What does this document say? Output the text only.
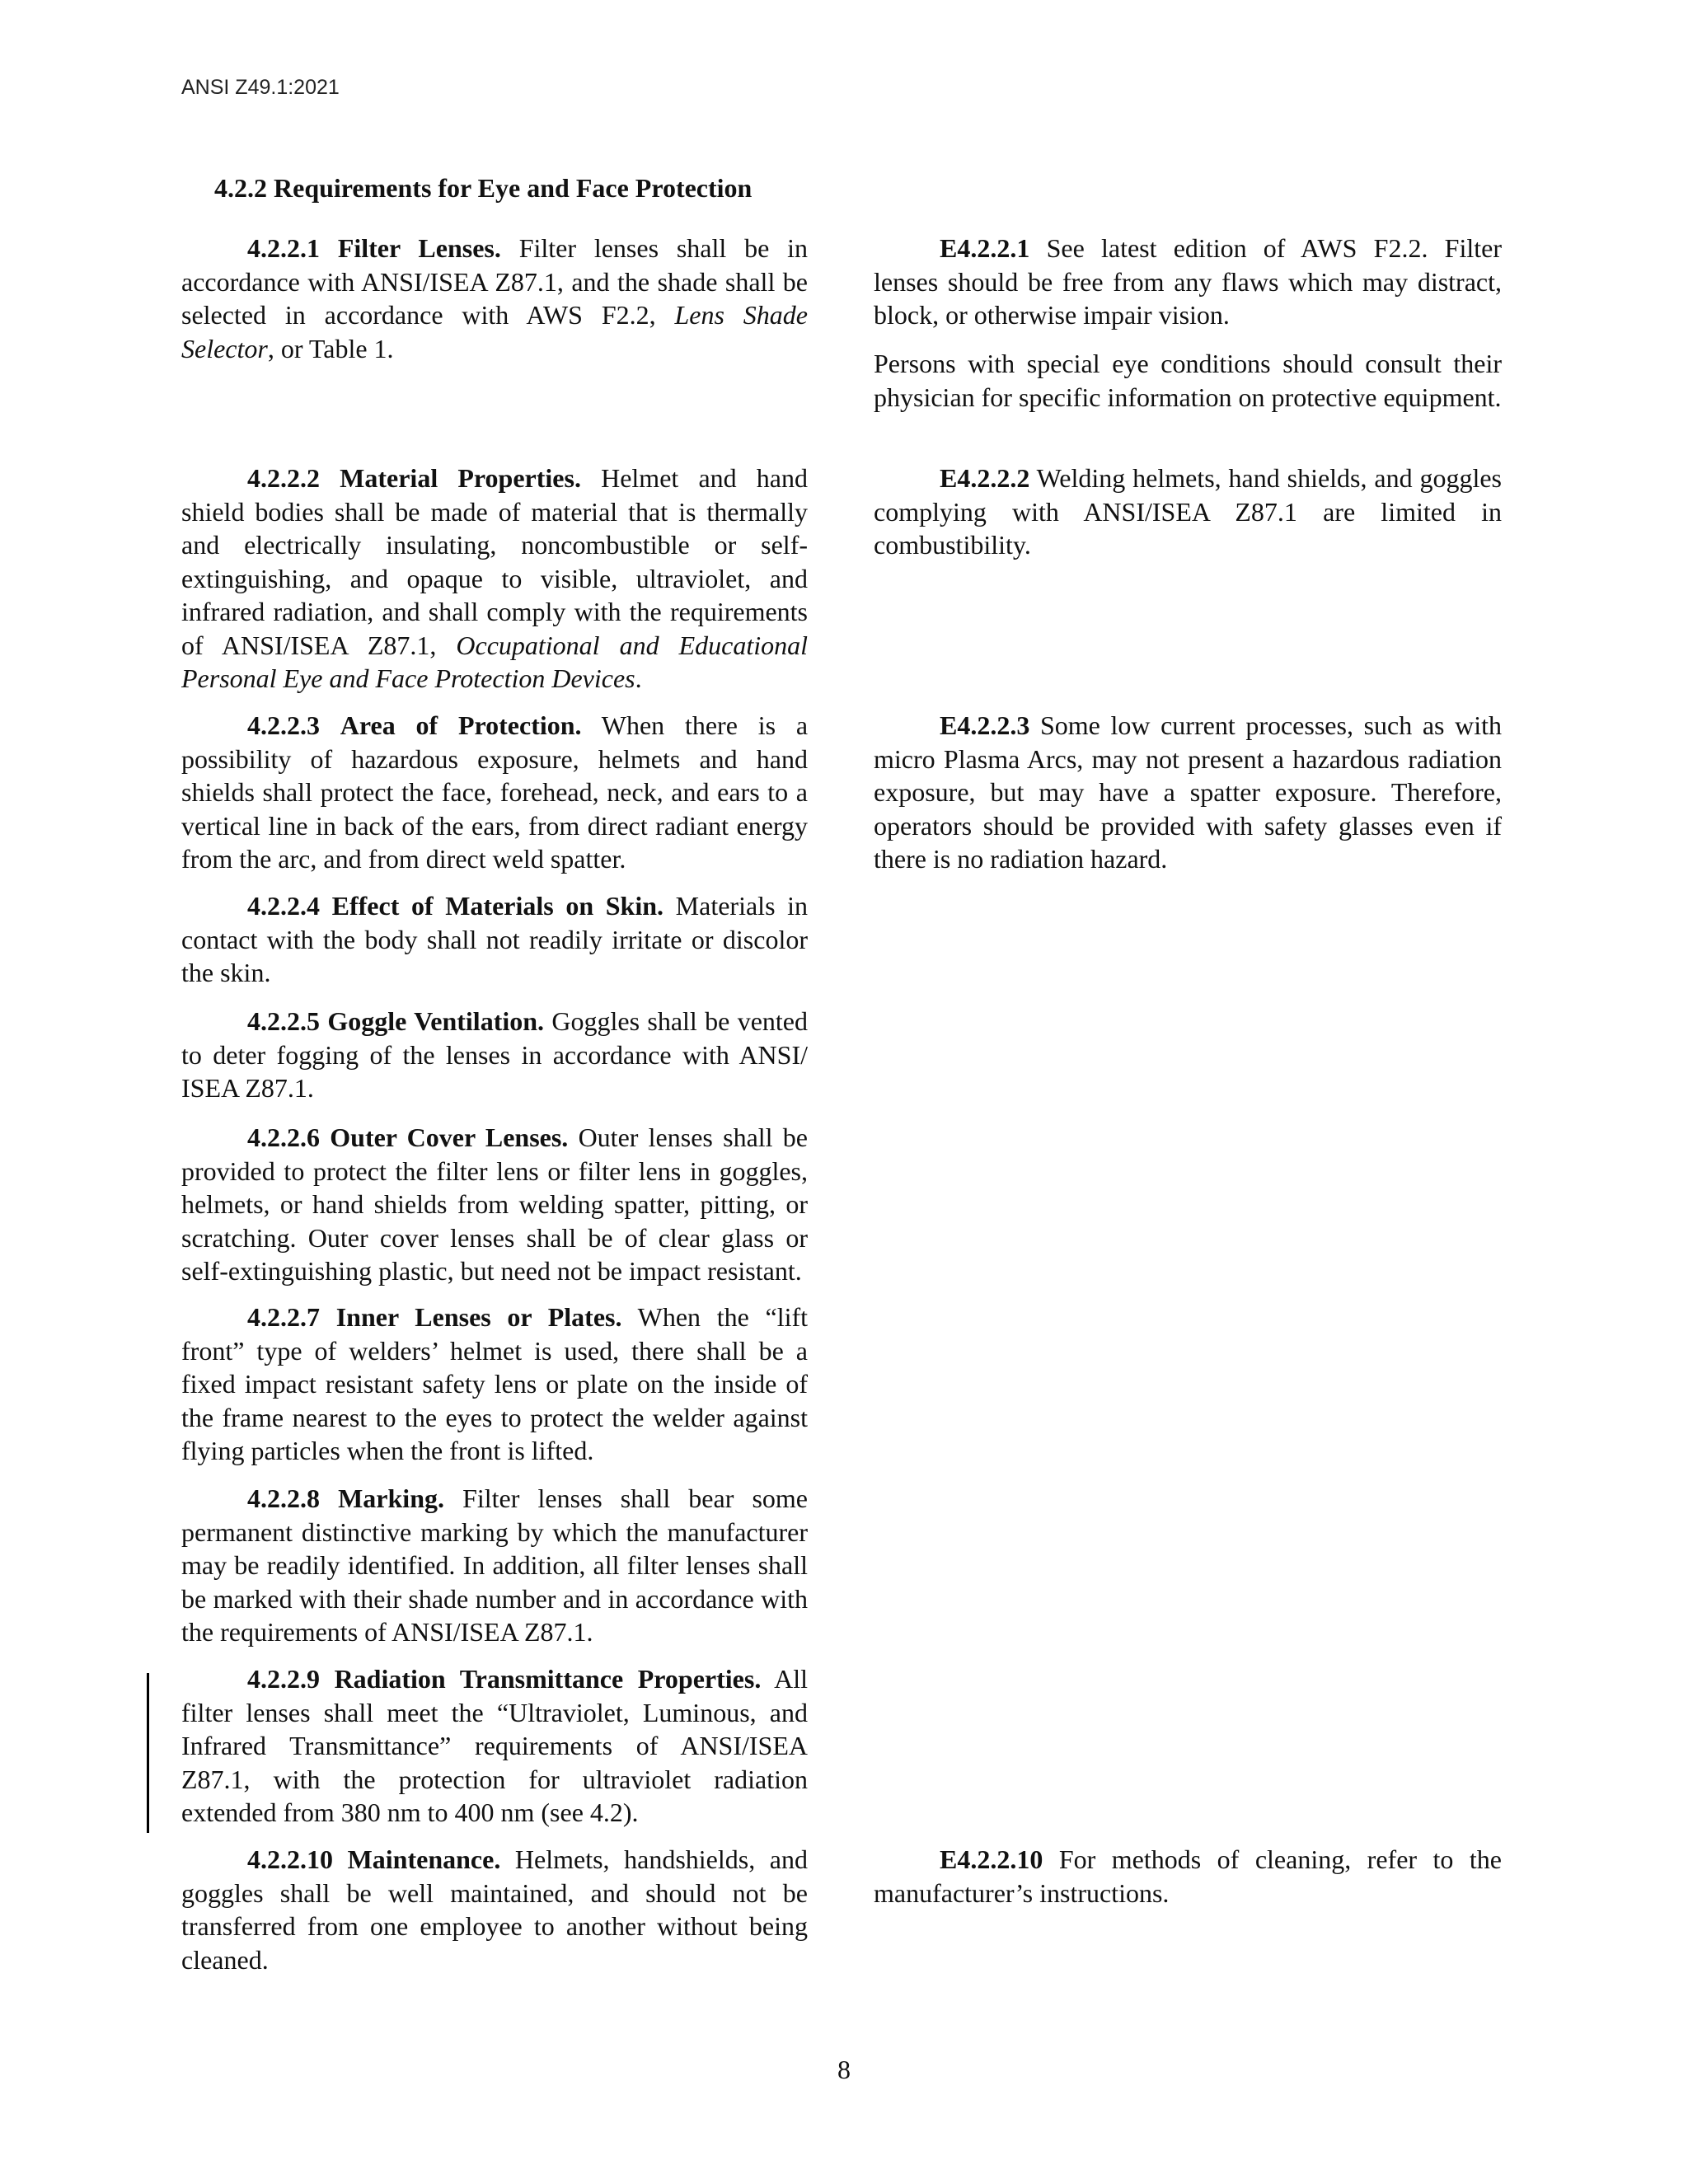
ANSI Z49.1:2021
4.2.2 Requirements for Eye and Face Protection

4.2.2.1 Filter Lenses. Filter lenses shall be in accordance with ANSI/ISEA Z87.1, and the shade shall be selected in accordance with AWS F2.2, Lens Shade Selector, or Table 1.

4.2.2.2 Material Properties. Helmet and hand shield bodies shall be made of material that is thermally and electrically insulating, noncombustible or self-extinguishing, and opaque to visible, ultraviolet, and infrared radiation, and shall comply with the requirements of ANSI/ISEA Z87.1, Occupational and Educational Personal Eye and Face Protection Devices.

4.2.2.3 Area of Protection. When there is a possibility of hazardous exposure, helmets and hand shields shall protect the face, forehead, neck, and ears to a vertical line in back of the ears, from direct radiant energy from the arc, and from direct weld spatter.

4.2.2.4 Effect of Materials on Skin. Materials in contact with the body shall not readily irritate or discolor the skin.

4.2.2.5 Goggle Ventilation. Goggles shall be vented to deter fogging of the lenses in accordance with ANSI/ ISEA Z87.1.

4.2.2.6 Outer Cover Lenses. Outer lenses shall be provided to protect the filter lens or filter lens in goggles, helmets, or hand shields from welding spatter, pitting, or scratching. Outer cover lenses shall be of clear glass or self-extinguishing plastic, but need not be impact resistant.

4.2.2.7 Inner Lenses or Plates. When the “lift front” type of welders’ helmet is used, there shall be a fixed impact resistant safety lens or plate on the inside of the frame nearest to the eyes to protect the welder against flying particles when the front is lifted.

4.2.2.8 Marking. Filter lenses shall bear some permanent distinctive marking by which the manufacturer may be readily identified. In addition, all filter lenses shall be marked with their shade number and in accordance with the requirements of ANSI/ISEA Z87.1.

4.2.2.9 Radiation Transmittance Properties. All filter lenses shall meet the “Ultraviolet, Luminous, and Infrared Transmittance” requirements of ANSI/ISEA Z87.1, with the protection for ultraviolet radiation extended from 380 nm to 400 nm (see 4.2).

4.2.2.10 Maintenance. Helmets, handshields, and goggles shall be well maintained, and should not be transferred from one employee to another without being cleaned.

E4.2.2.1 See latest edition of AWS F2.2. Filter lenses should be free from any flaws which may distract, block, or otherwise impair vision.

Persons with special eye conditions should consult their physician for specific information on protective equipment.

E4.2.2.2 Welding helmets, hand shields, and goggles complying with ANSI/ISEA Z87.1 are limited in combustibility.

E4.2.2.3 Some low current processes, such as with micro Plasma Arcs, may not present a hazardous radiation exposure, but may have a spatter exposure. Therefore, operators should be provided with safety glasses even if there is no radiation hazard.

E4.2.2.10 For methods of cleaning, refer to the manufacturer’s instructions.

8
